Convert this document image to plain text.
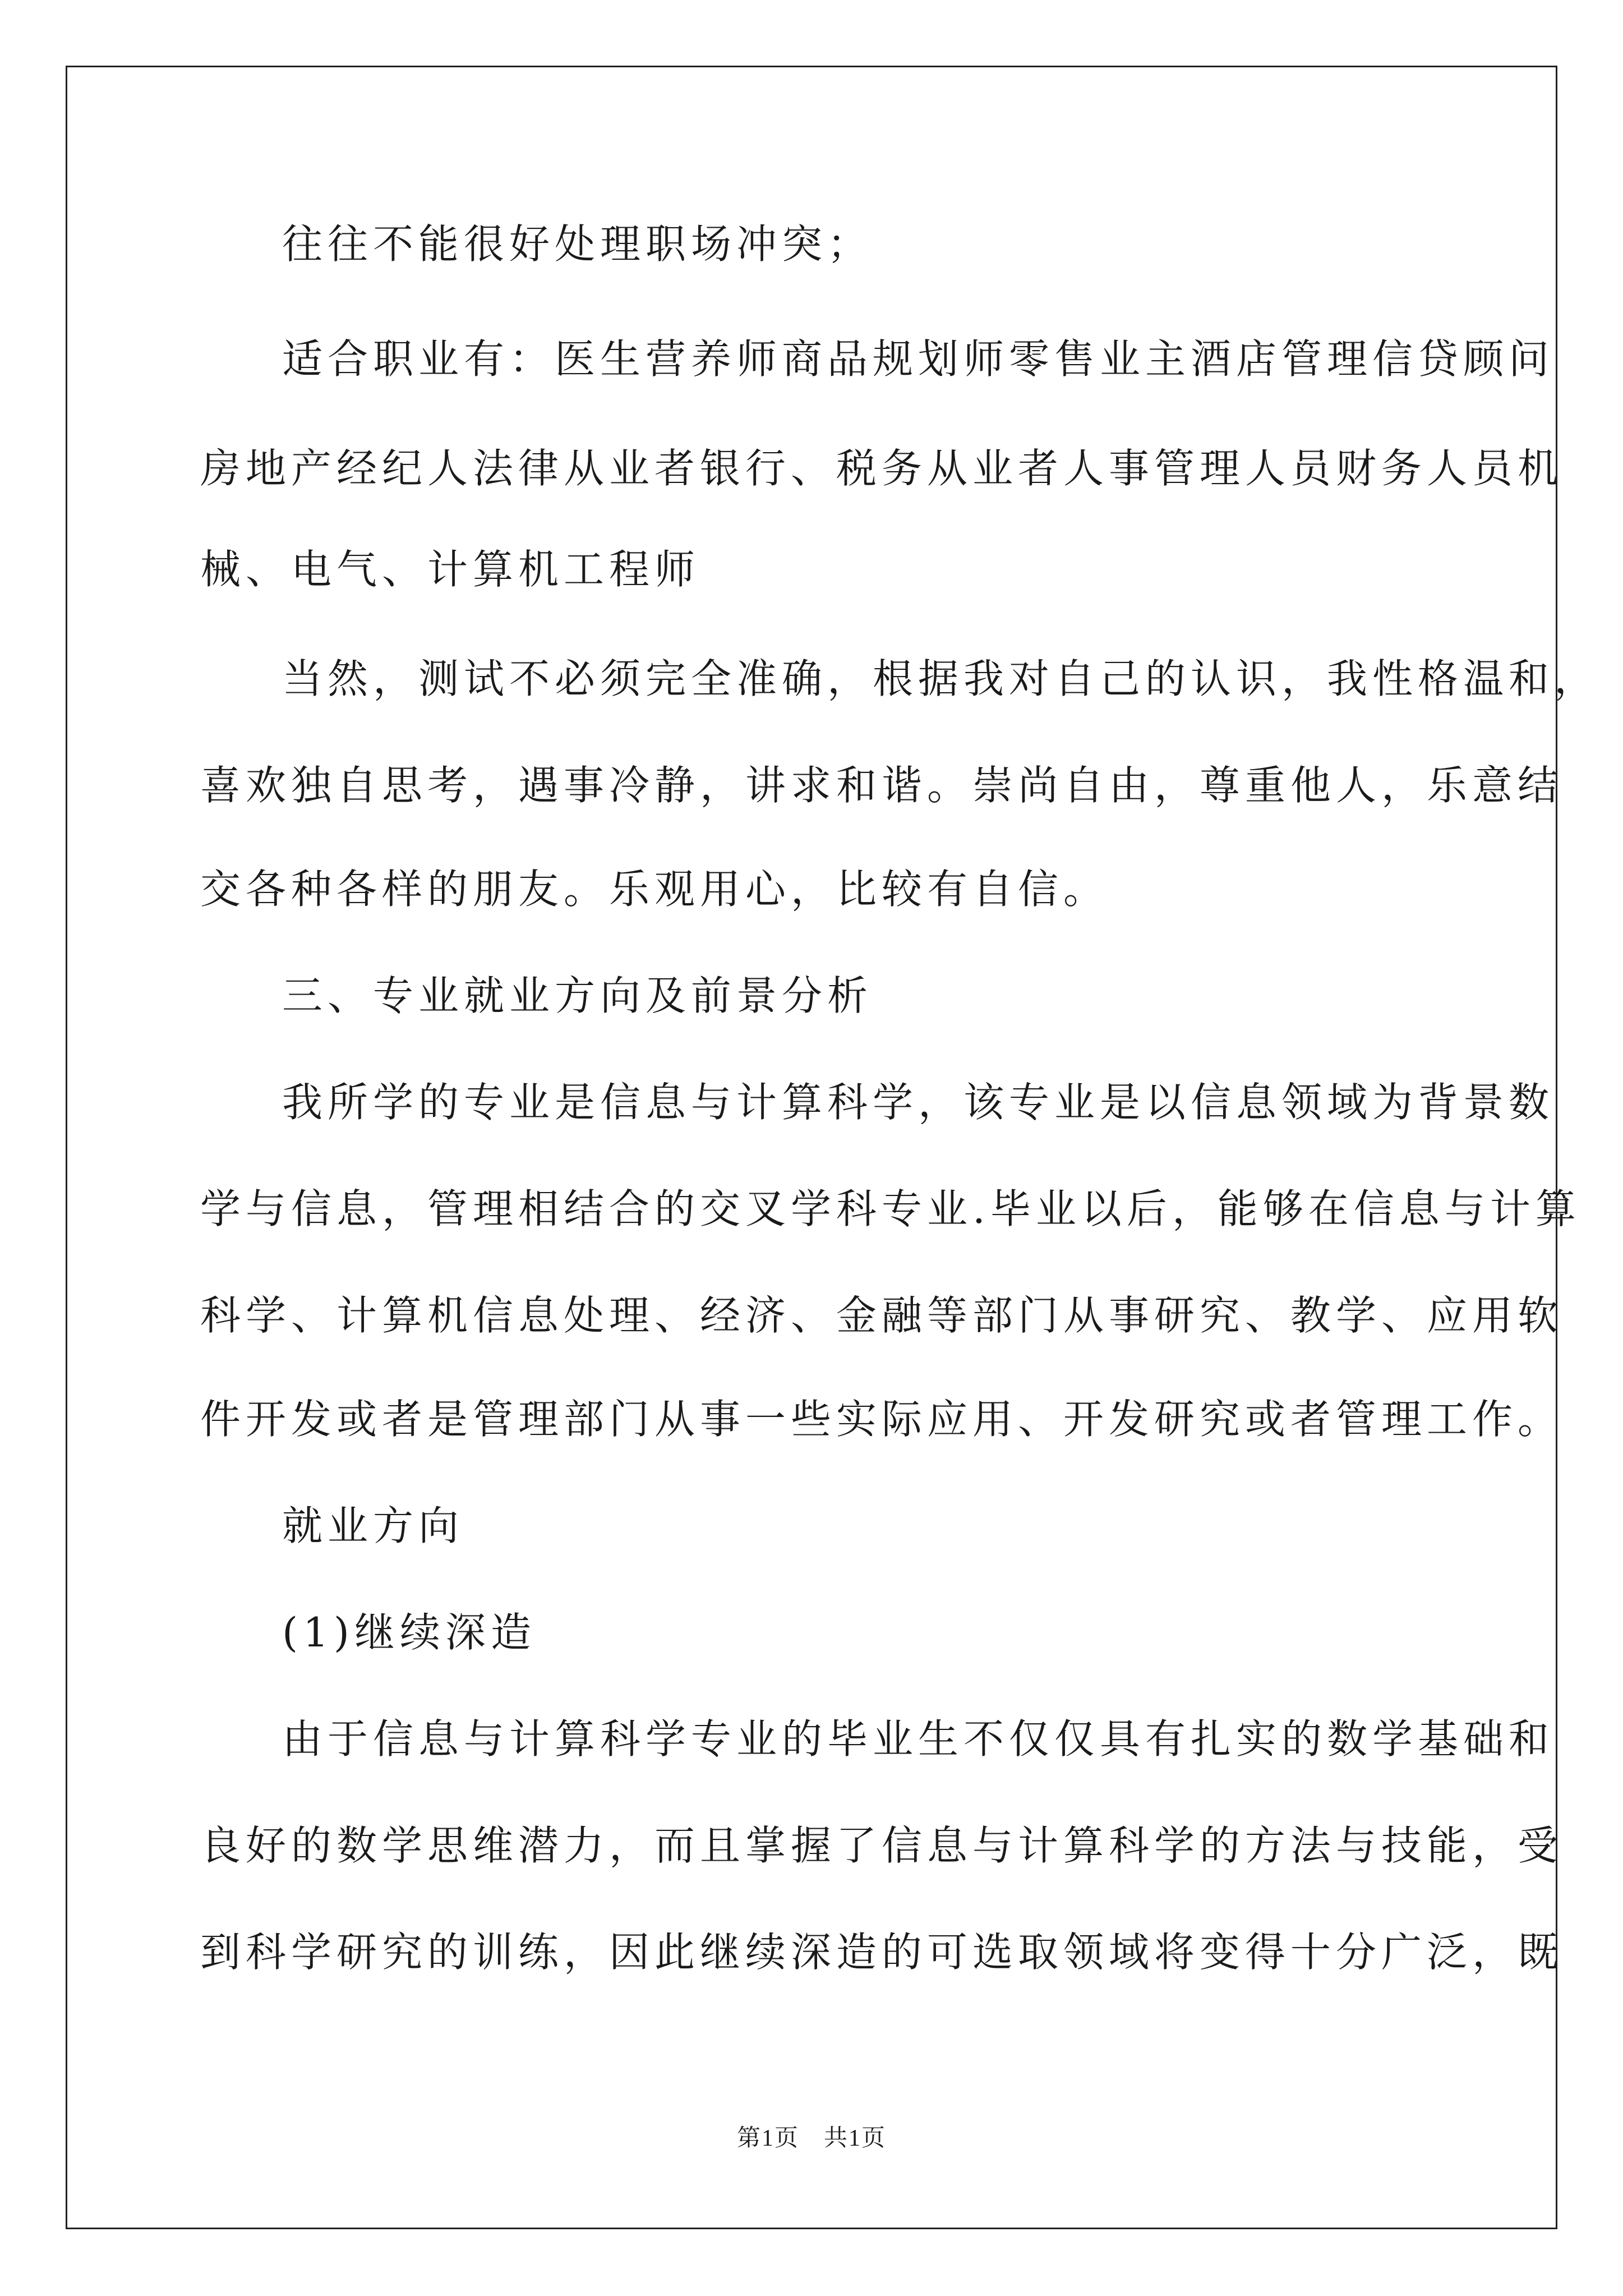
往往不能很好处理职场冲突；
适合职业有：医生营养师商品规划师零售业主酒店管理信贷顾问
房地产经纪人法律从业者银行、税务从业者人事管理人员财务人员机
械、电气、计算机工程师
当然，测试不必须完全准确，根据我对自己的认识，我性格温和，
喜欢独自思考，遇事冷静，讲求和谐。崇尚自由，尊重他人，乐意结
交各种各样的朋友。乐观用心，比较有自信。
三、专业就业方向及前景分析
我所学的专业是信息与计算科学，该专业是以信息领域为背景数
学与信息，管理相结合的交叉学科专业.毕业以后，能够在信息与计算
科学、计算机信息处理、经济、金融等部门从事研究、教学、应用软
件开发或者是管理部门从事一些实际应用、开发研究或者管理工作。
就业方向
(1)继续深造
由于信息与计算科学专业的毕业生不仅仅具有扎实的数学基础和
良好的数学思维潜力，而且掌握了信息与计算科学的方法与技能，受
到科学研究的训练，因此继续深造的可选取领域将变得十分广泛，既
第1页　共1页
